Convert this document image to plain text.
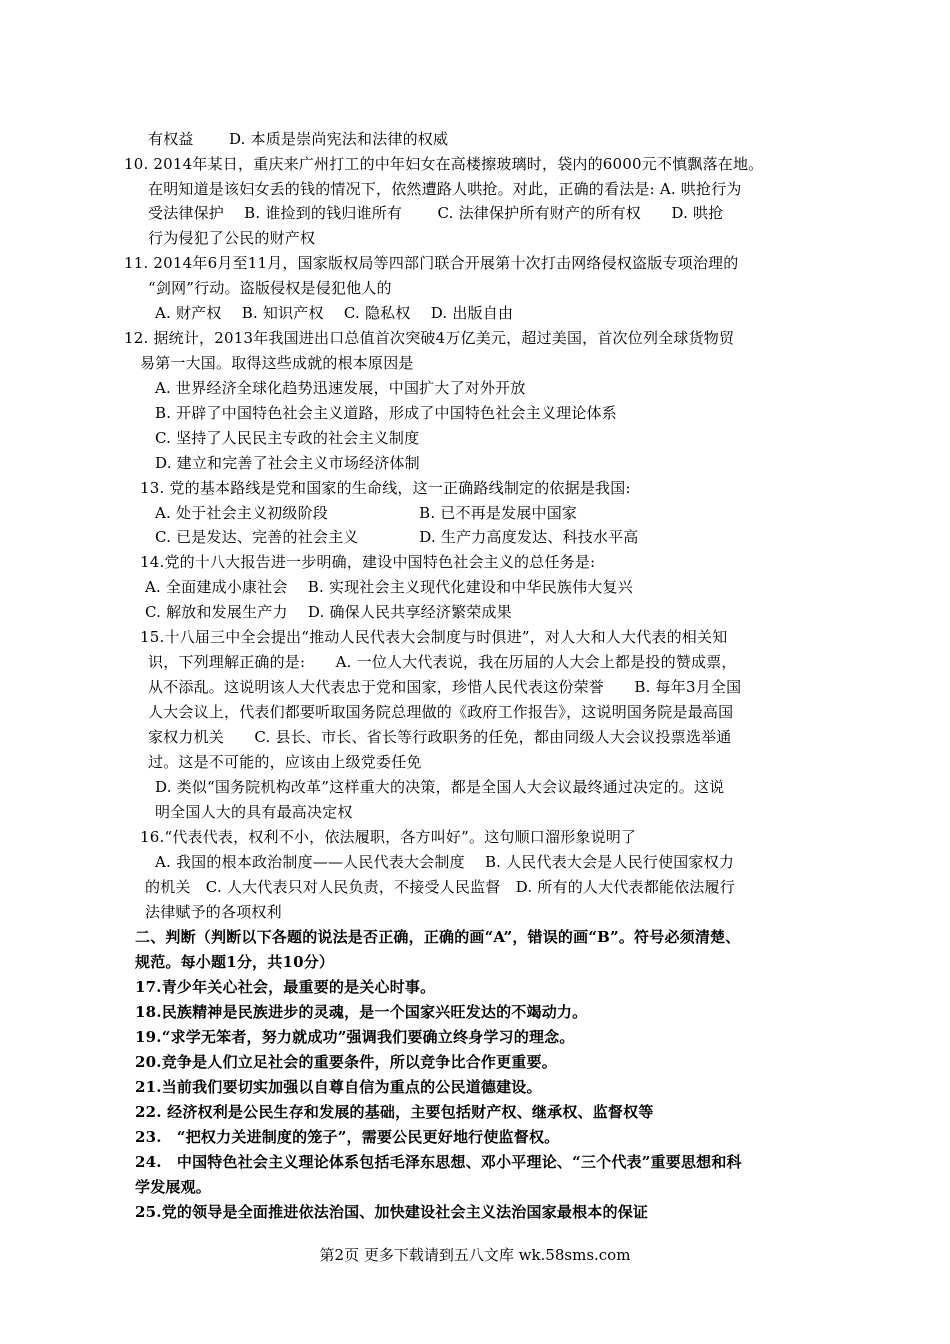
有权益　　 D. 本质是崇尚宪法和法律的权威
10. 2014年某日，重庆来广州打工的中年妇女在高楼擦玻璃时，袋内的6000元不慎飘落在地。
在明知道是该妇女丢的钱的情况下，依然遭路人哄抢。对此，正确的看法是: A. 哄抢行为
受法律保护　 B. 谁捡到的钱归谁所有　　 C. 法律保护所有财产的所有权　　D. 哄抢
行为侵犯了公民的财产权
11. 2014年6月至11月，国家版权局等四部门联合开展第十次打击网络侵权盗版专项治理的
“剑网”行动。盗版侵权是侵犯他人的
A. 财产权　 B. 知识产权　 C. 隐私权　 D. 出版自由
12. 据统计，2013年我国进出口总值首次突破4万亿美元，超过美国，首次位列全球货物贸
易第一大国。取得这些成就的根本原因是
A. 世界经济全球化趋势迅速发展，中国扩大了对外开放
B. 开辟了中国特色社会主义道路，形成了中国特色社会主义理论体系
C. 坚持了人民民主专政的社会主义制度
D. 建立和完善了社会主义市场经济体制
13. 党的基本路线是党和国家的生命线，这一正确路线制定的依据是我国:
A. 处于社会主义初级阶段　　　　　　B. 已不再是发展中国家
C. 已是发达、完善的社会主义　　　　D. 生产力高度发达、科技水平高
14.党的十八大报告进一步明确，建设中国特色社会主义的总任务是:
A. 全面建成小康社会　 B. 实现社会主义现代化建设和中华民族伟大复兴
C. 解放和发展生产力　 D. 确保人民共享经济繁荣成果
15.十八届三中全会提出“推动人民代表大会制度与时俱进”，对人大和人大代表的相关知
识，下列理解正确的是:　　A. 一位人大代表说，我在历届的人大会上都是投的赞成票，
从不添乱。这说明该人大代表忠于党和国家，珍惜人民代表这份荣誉　　B. 每年3月全国
人大会议上，代表们都要听取国务院总理做的《政府工作报告》，这说明国务院是最高国
家权力机关　　C. 县长、市长、省长等行政职务的任免，都由同级人大会议投票选举通
过。这是不可能的，应该由上级党委任免
D. 类似“国务院机构改革”这样重大的决策，都是全国人大会议最终通过决定的。这说
明全国人大的具有最高决定权
16.“代表代表，权利不小，依法履职，各方叫好”。这句顺口溜形象说明了
A. 我国的根本政治制度——人民代表大会制度　 B. 人民代表大会是人民行使国家权力
的机关　C. 人大代表只对人民负责，不接受人民监督　D. 所有的人大代表都能依法履行
法律赋予的各项权利
二、判断（判断以下各题的说法是否正确，正确的画“A”，错误的画“B”。符号必须清楚、
规范。每小题1分，共10分）
17.青少年关心社会，最重要的是关心时事。
18.民族精神是民族进步的灵魂，是一个国家兴旺发达的不竭动力。
19.“求学无笨者，努力就成功”强调我们要确立终身学习的理念。
20.竞争是人们立足社会的重要条件，所以竞争比合作更重要。
21.当前我们要切实加强以自尊自信为重点的公民道德建设。
22. 经济权利是公民生存和发展的基础，主要包括财产权、继承权、监督权等
23.　“把权力关进制度的笼子”，需要公民更好地行使监督权。
24.　中国特色社会主义理论体系包括毛泽东思想、邓小平理论、“三个代表”重要思想和科
学发展观。
25.党的领导是全面推进依法治国、加快建设社会主义法治国家最根本的保证
第2页 更多下载请到五八文库 wk.58sms.com
